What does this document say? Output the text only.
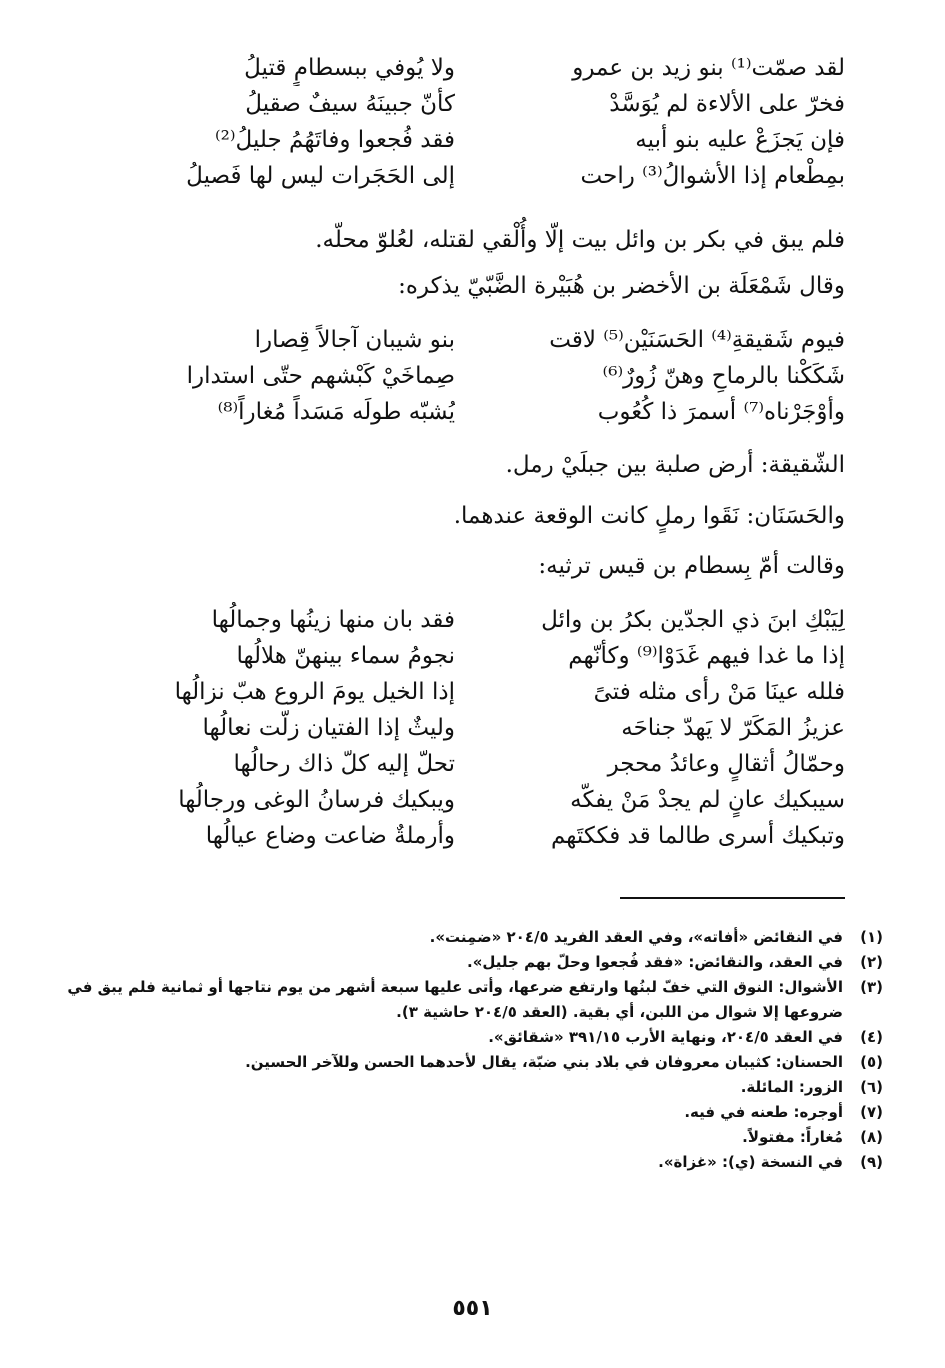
لقد صمّت⁽¹⁾ بنو زيد بن عمرو
ولا يُوفي ببسطامٍ قتيلُ
فخرّ على الألاءة لم يُوَسَّدْ
كأنّ جبينَهُ سيفٌ صقيلُ
فإن يَجزَعْ عليه بنو أبيه
فقد فُجعوا وفاتَهُمُ جليلُ⁽²⁾
بمِطْعام إذا الأشوالُ⁽³⁾ راحت
إلى الحَجَرات ليس لها فَصيلُ
فلم يبق في بكر بن وائل بيت إلّا وأُلْقي لقتله، لعُلوّ محلّه.
وقال شَمْعَلَة بن الأخضر بن هُبَيْرة الضَّبّيّ يذكره:
فيوم شَقيقةِ⁽⁴⁾ الحَسَنَيْن⁽⁵⁾ لاقت
بنو شيبان آجالاً قِصارا
شَكَكْنا بالرماحِ وهنّ زُورٌ⁽⁶⁾
صِماخَيْ كَبْشهم حتّى استدارا
وأوْجَرْناه⁽⁷⁾ أسمرَ ذا كُعُوب
يُشبّه طولَه مَسَداً مُغاراً⁽⁸⁾
الشّقيقة: أرض صلبة بين جبلَيْ رمل.
والحَسَنَان: نَقَوا رملٍ كانت الوقعة عندهما.
وقالت أمّ بِسطام بن قيس ترثيه:
لِيَبْكِ ابنَ ذي الجدّين بكرُ بن وائل
فقد بان منها زينُها وجمالُها
إذا ما غدا فيهم غَدَوْا⁽⁹⁾ وكأنّهم
نجومُ سماء بينهنّ هلالُها
فلله عينَا مَنْ رأى مثله فتىً
إذا الخيل يومَ الروع هبّ نزالُها
عزيزُ المَكَرّ لا يَهدّ جناحَه
وليثٌ إذا الفتيان زلّت نعالُها
وحمّالُ أثقالٍ وعائدُ محجر
تحلّ إليه كلّ ذاك رحالُها
سيبكيك عانٍ لم يجدْ مَنْ يفكّه
ويبكيك فرسانُ الوغى ورجالُها
وتبكيك أسرى طالما قد فككتَهم
وأرملةٌ ضاعت وضاع عيالُها
(١)
في النقائض «أفاته»، وفي العقد الفريد ٢٠٤/٥ «ضمِنت».
(٢)
في العقد، والنقائض: «فقد فُجعوا وحلّ بهم جليل».
(٣)
الأشوال: النوق التي خفّ لبنُها وارتفع ضرعها، وأتى عليها سبعة أشهر من يوم نتاجها أو ثمانية فلم يبق في
ضروعها إلا شوال من اللبن، أي بقية. (العقد ٢٠٤/٥ حاشية ٣).
(٤)
في العقد ٢٠٤/٥، ونهاية الأرب ٣٩١/١٥ «شقائق».
(٥)
الحسنان: كثيبان معروفان في بلاد بني ضبّة، يقال لأحدهما الحسن وللآخر الحسين.
(٦)
الزور: المائلة.
(٧)
أوجره: طعنه في فيه.
(٨)
مُغاراً: مفتولاً.
(٩)
في النسخة (ي): «غزاة».
٥٥١
